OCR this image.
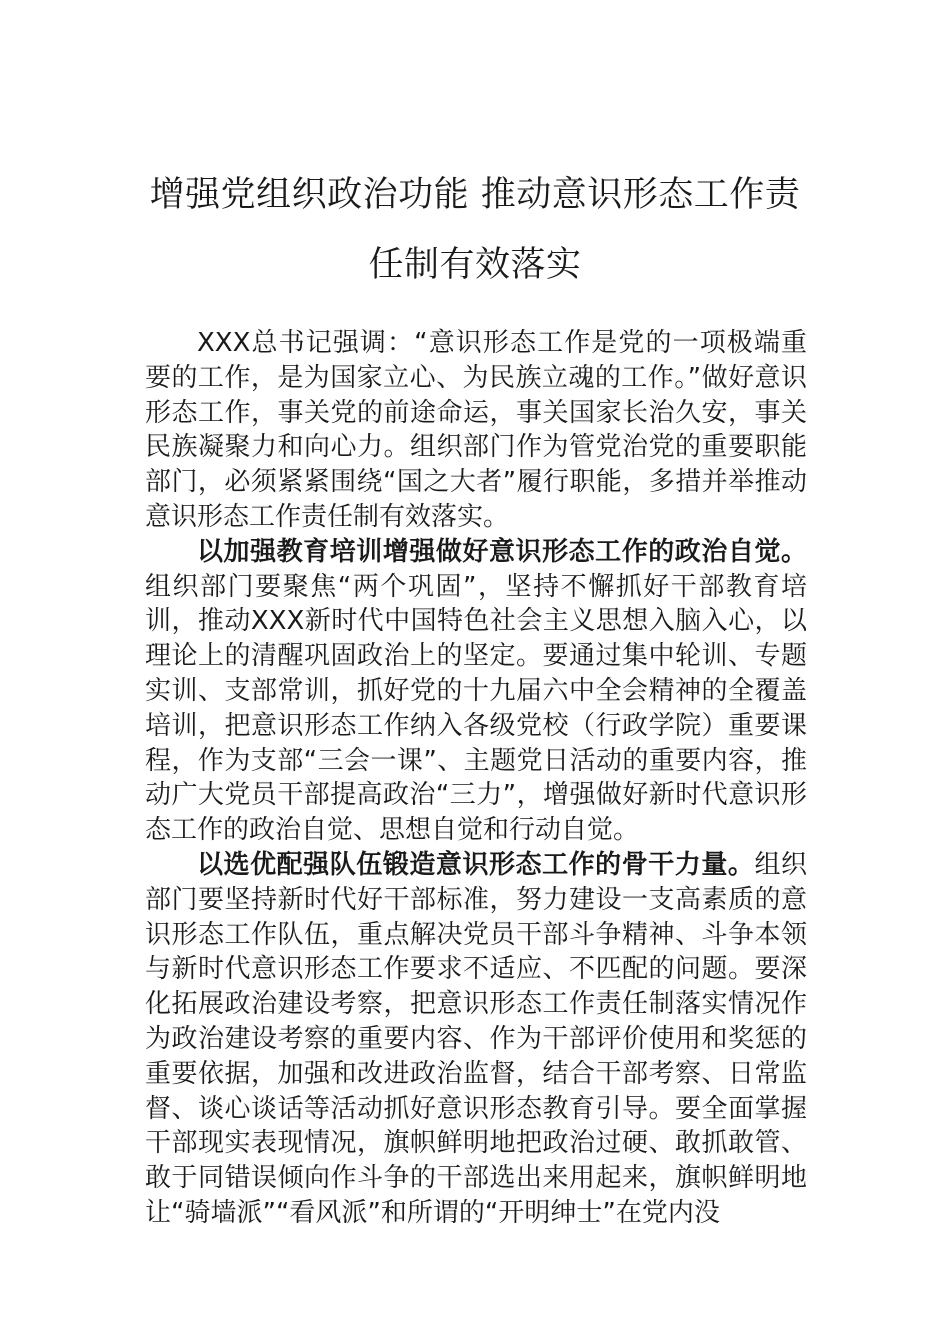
增强党组织政治功能 推动意识形态工作责
任制有效落实

XXX总书记强调：“意识形态工作是党的一项极端重要的工作，是为国家立心、为民族立魂的工作。”做好意识形态工作，事关党的前途命运，事关国家长治久安，事关民族凝聚力和向心力。组织部门作为管党治党的重要职能部门，必须紧紧围绕“国之大者”履行职能，多措并举推动意识形态工作责任制有效落实。

以加强教育培训增强做好意识形态工作的政治自觉。组织部门要聚焦“两个巩固”，坚持不懈抓好干部教育培训，推动XXX新时代中国特色社会主义思想入脑入心，以理论上的清醒巩固政治上的坚定。要通过集中轮训、专题实训、支部常训，抓好党的十九届六中全会精神的全覆盖培训，把意识形态工作纳入各级党校（行政学院）重要课程，作为支部“三会一课”、主题党日活动的重要内容，推动广大党员干部提高政治“三力”，增强做好新时代意识形态工作的政治自觉、思想自觉和行动自觉。

以选优配强队伍锻造意识形态工作的骨干力量。组织部门要坚持新时代好干部标准，努力建设一支高素质的意识形态工作队伍，重点解决党员干部斗争精神、斗争本领与新时代意识形态工作要求不适应、不匹配的问题。要深化拓展政治建设考察，把意识形态工作责任制落实情况作为政治建设考察的重要内容、作为干部评价使用和奖惩的重要依据，加强和改进政治监督，结合干部考察、日常监督、谈心谈话等活动抓好意识形态教育引导。要全面掌握干部现实表现情况，旗帜鲜明地把政治过硬、敢抓敢管、敢于同错误倾向作斗争的干部选出来用起来，旗帜鲜明地让“骑墙派”“看风派”和所谓的“开明绅士”在党内没
